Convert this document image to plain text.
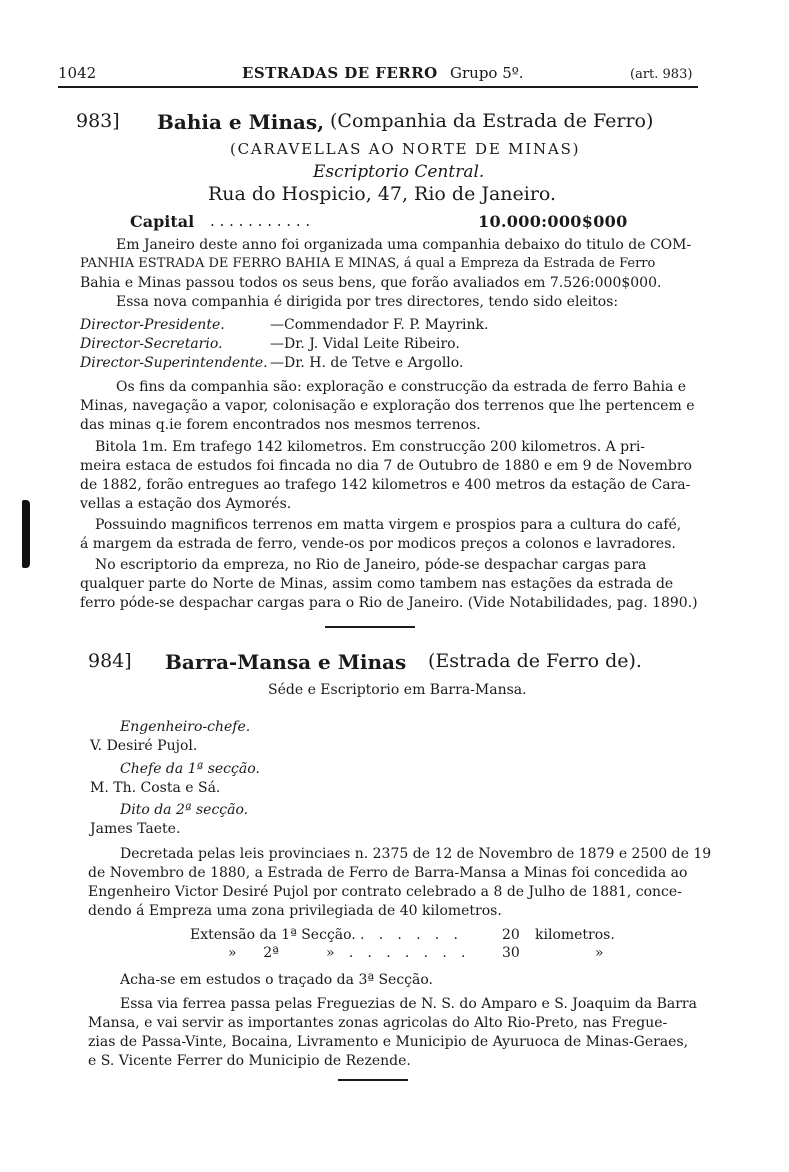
1042	ESTRADAS DE FERRO Grupo 5º.	(art. 983)
983] Bahia e Minas, (Companhia da Estrada de Ferro)
(CARAVELLAS AO NORTE DE MINAS)
Escriptorio Central.
Rua do Hospicio, 47, Rio de Janeiro.
Capital . . . . . . . . . . .	10.000:000$000
Em Janeiro deste anno foi organizada uma companhia debaixo do titulo de COM-
PANHIA ESTRADA DE FERRO BAHIA E MINAS, á qual a Empreza da Estrada de Ferro
Bahia e Minas passou todos os seus bens, que forão avaliados em 7.526:000$000.
Essa nova companhia é dirigida por tres directores, tendo sido eleitos:
Director-Presidente.	—Commendador F. P. Mayrink.
Director-Secretario.	—Dr. J. Vidal Leite Ribeiro.
Director-Superintendente. —Dr. H. de Tetve e Argollo.
Os fins da companhia são: exploração e construcção da estrada de ferro Bahia e
Minas, navegação a vapor, colonisação e exploração dos terrenos que lhe pertencem e
das minas q.ie forem encontrados nos mesmos terrenos.
Bitola 1m. Em trafego 142 kilometros. Em construcção 200 kilometros. A pri-
meira estaca de estudos foi fincada no dia 7 de Outubro de 1880 e em 9 de Novembro
de 1882, forão entregues ao trafego 142 kilometros e 400 metros da estação de Cara-
vellas a estação dos Aymorés.
Possuindo magnificos terrenos em matta virgem e prospios para a cultura do café,
á margem da estrada de ferro, vende-os por modicos preços a colonos e lavradores.
No escriptorio da empreza, no Rio de Janeiro, póde-se despachar cargas para
qualquer parte do Norte de Minas, assim como tambem nas estações da estrada de
ferro póde-se despachar cargas para o Rio de Janeiro. (Vide Notabilidades, pag. 1890.)
984] Barra-Mansa e Minas (Estrada de Ferro de).
Séde e Escriptorio em Barra-Mansa.
Engenheiro-chefe.
V. Desiré Pujol.
Chefe da 1ª secção.
M. Th. Costa e Sá.
Dito da 2ª secção.
James Taete.
Decretada pelas leis provinciaes n. 2375 de 12 de Novembro de 1879 e 2500 de 19
de Novembro de 1880, a Estrada de Ferro de Barra-Mansa a Minas foi concedida ao
Engenheiro Victor Desiré Pujol por contrato celebrado a 8 de Julho de 1881, conce-
dendo á Empreza uma zona privilegiada de 40 kilometros.
Extensão da 1ª Secção. . . . . . .	20 kilometros.
»      2ª	» . . . . . . . 30	»
Acha-se em estudos o traçado da 3ª Secção.
Essa via ferrea passa pelas Freguezias de N. S. do Amparo e S. Joaquim da Barra
Mansa, e vai servir as importantes zonas agricolas do Alto Rio-Preto, nas Fregue-
zias de Passa-Vinte, Bocaina, Livramento e Municipio de Ayuruoca de Minas-Geraes,
e S. Vicente Ferrer do Municipio de Rezende.
